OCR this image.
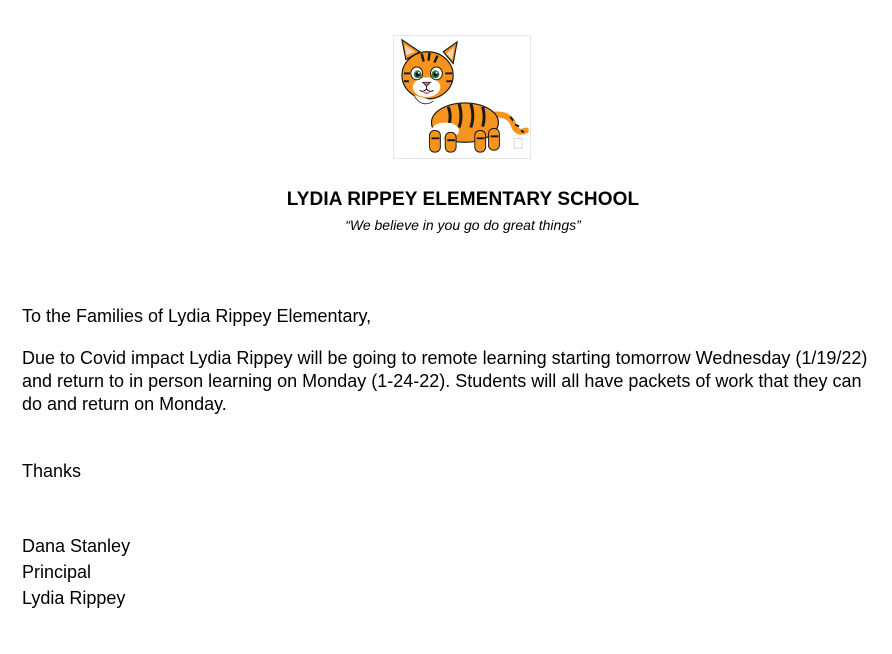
LYDIA RIPPEY ELEMENTARY SCHOOL
“We believe in you go do great things”
To the Families of Lydia Rippey Elementary,
Due to Covid impact Lydia Rippey will be going to remote learning starting tomorrow Wednesday (1/19/22) and return to in person learning on Monday (1-24-22). Students will all have packets of work that they can do and return on Monday.
Thanks
Dana Stanley
Principal
Lydia Rippey
